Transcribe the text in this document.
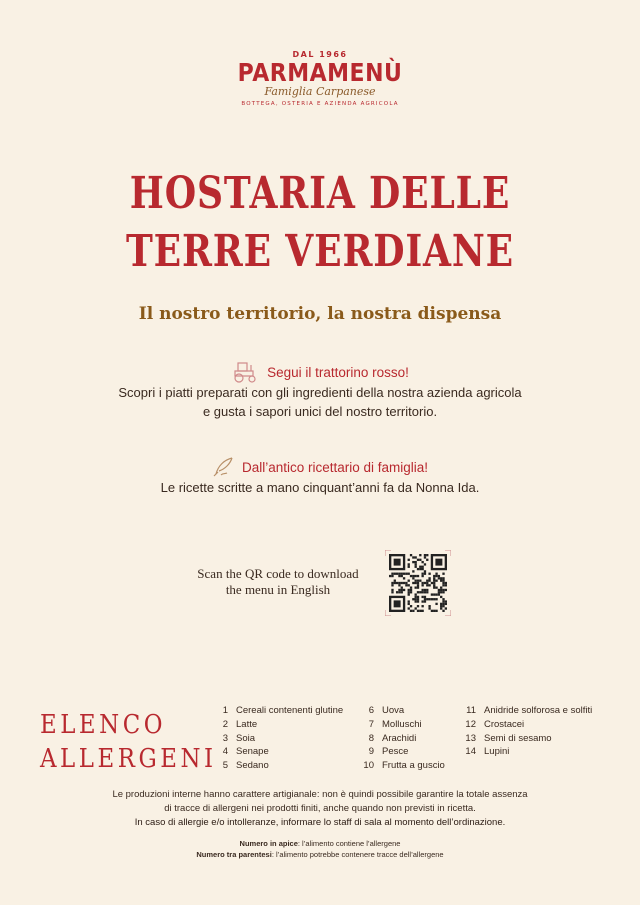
DAL 1966
PARMAMENÙ
Famiglia Carpanese
BOTTEGA, OSTERIA E AZIENDA AGRICOLA
HOSTARIA DELLE
TERRE VERDIANE
Il nostro territorio, la nostra dispensa
Segui il trattorino rosso!
Scopri i piatti preparati con gli ingredienti della nostra azienda agricola
e gusta i sapori unici del nostro territorio.
Dall’antico ricettario di famiglia!
Le ricette scritte a mano cinquant’anni fa da Nonna Ida.
Scan the QR code to download
the menu in English
ELENCO
ALLERGENI
1 Cereali contenenti glutine
2 Latte
3 Soia
4 Senape
5 Sedano
6 Uova
7 Molluschi
8 Arachidi
9 Pesce
10 Frutta a guscio
11 Anidride solforosa e solfiti
12 Crostacei
13 Semi di sesamo
14 Lupini
Le produzioni interne hanno carattere artigianale: non è quindi possibile garantire la totale assenza
di tracce di allergeni nei prodotti finiti, anche quando non previsti in ricetta.
In caso di allergie e/o intolleranze, informare lo staff di sala al momento dell’ordinazione.
Numero in apice: l’alimento contiene l’allergene
Numero tra parentesi: l’alimento potrebbe contenere tracce dell’allergene
